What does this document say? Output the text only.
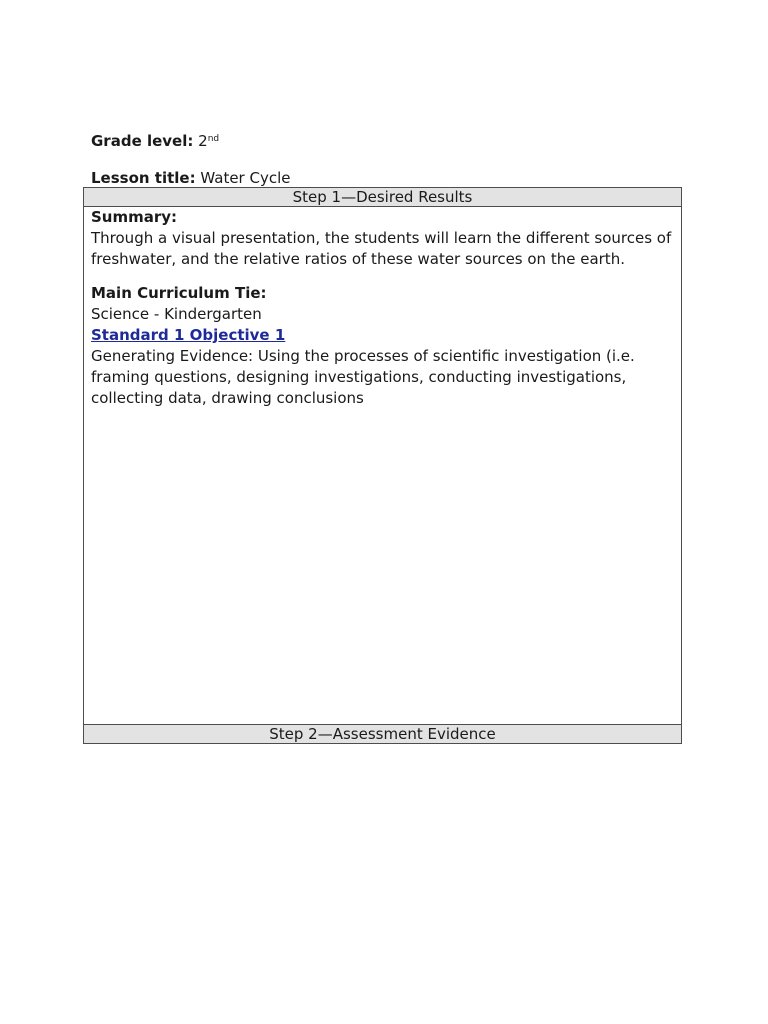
Grade level: 2nd
Lesson title: Water Cycle
Step 1—Desired Results
Summary:
Through a visual presentation, the students will learn the different sources of freshwater, and the relative ratios of these water sources on the earth.
Main Curriculum Tie:
Science - Kindergarten
Standard 1 Objective 1
Generating Evidence: Using the processes of scientific investigation (i.e. framing questions, designing investigations, conducting investigations, collecting data, drawing conclusions
Step 2—Assessment Evidence
